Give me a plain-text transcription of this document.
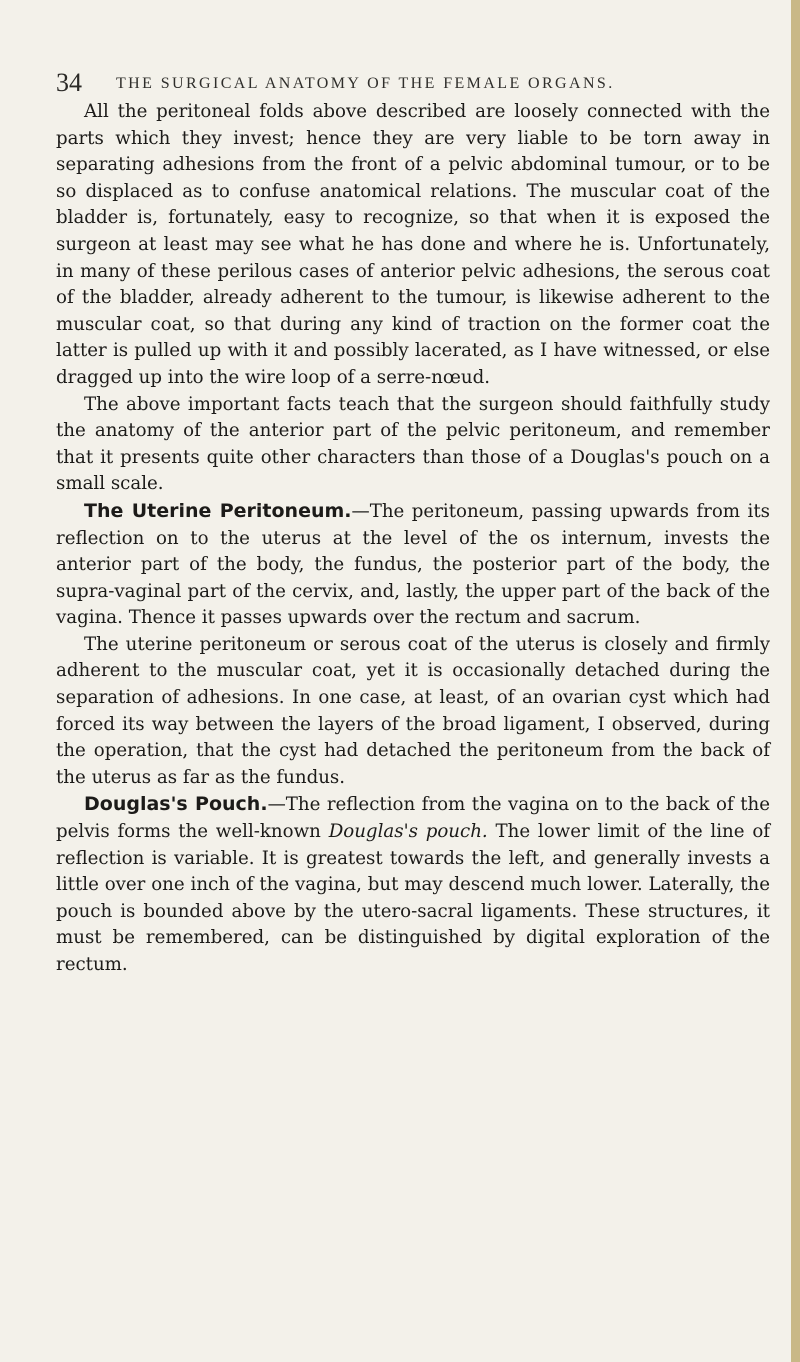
34 THE SURGICAL ANATOMY OF THE FEMALE ORGANS.

All the peritoneal folds above described are loosely connected with the parts which they invest; hence they are very liable to be torn away in separating adhesions from the front of a pelvic abdominal tumour, or to be so displaced as to confuse anatomical relations. The muscular coat of the bladder is, fortunately, easy to recognize, so that when it is exposed the surgeon at least may see what he has done and where he is. Unfortunately, in many of these perilous cases of anterior pelvic adhesions, the serous coat of the bladder, already adherent to the tumour, is likewise adherent to the muscular coat, so that during any kind of traction on the former coat the latter is pulled up with it and possibly lacerated, as I have witnessed, or else dragged up into the wire loop of a serre-nœud.

The above important facts teach that the surgeon should faithfully study the anatomy of the anterior part of the pelvic peritoneum, and remember that it presents quite other characters than those of a Douglas's pouch on a small scale.

The Uterine Peritoneum.—The peritoneum, passing upwards from its reflection on to the uterus at the level of the os internum, invests the anterior part of the body, the fundus, the posterior part of the body, the supra-vaginal part of the cervix, and, lastly, the upper part of the back of the vagina. Thence it passes upwards over the rectum and sacrum.

The uterine peritoneum or serous coat of the uterus is closely and firmly adherent to the muscular coat, yet it is occasionally detached during the separation of adhesions. In one case, at least, of an ovarian cyst which had forced its way between the layers of the broad ligament, I observed, during the operation, that the cyst had detached the peritoneum from the back of the uterus as far as the fundus.

Douglas's Pouch.—The reflection from the vagina on to the back of the pelvis forms the well-known Douglas's pouch. The lower limit of the line of reflection is variable. It is greatest towards the left, and generally invests a little over one inch of the vagina, but may descend much lower. Laterally, the pouch is bounded above by the utero-sacral ligaments. These structures, it must be remembered, can be distinguished by digital exploration of the rectum.
